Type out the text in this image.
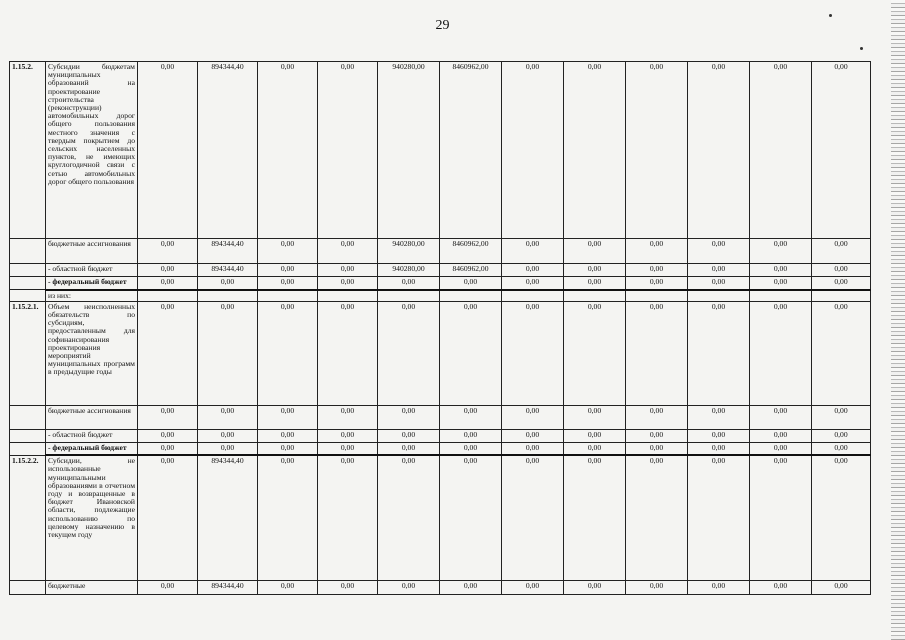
29
1.15.2.	Субсидии бюджетам муниципальных образований на проектирование строительства (реконструкции) автомобильных дорог общего пользования местного значения с твердым покрытием до сельских населенных пунктов, не имеющих круглогодичной связи с сетью автомобильных дорог общего пользования	0,00	894344,40	0,00	0,00	940280,00	8460962,00	0,00	0,00	0,00	0,00	0,00	0,00
	бюджетные ассигнования	0,00	894344,40	0,00	0,00	940280,00	8460962,00	0,00	0,00	0,00	0,00	0,00	0,00
	- областной бюджет	0,00	894344,40	0,00	0,00	940280,00	8460962,00	0,00	0,00	0,00	0,00	0,00	0,00
	- федеральный бюджет	0,00	0,00	0,00	0,00	0,00	0,00	0,00	0,00	0,00	0,00	0,00	0,00
	из них:												
1.15.2.1.	Объем неисполненных обязательств по субсидиям, предоставленным для софинансирования проектирования мероприятий муниципальных программ в предыдущие годы	0,00	0,00	0,00	0,00	0,00	0,00	0,00	0,00	0,00	0,00	0,00	0,00
	бюджетные ассигнования	0,00	0,00	0,00	0,00	0,00	0,00	0,00	0,00	0,00	0,00	0,00	0,00
	- областной бюджет	0,00	0,00	0,00	0,00	0,00	0,00	0,00	0,00	0,00	0,00	0,00	0,00
	- федеральный бюджет	0,00	0,00	0,00	0,00	0,00	0,00	0,00	0,00	0,00	0,00	0,00	0,00
1.15.2.2.	Субсидии, не использованные муниципальными образованиями в отчетном году и возвращенные в бюджет Ивановской области, подлежащие использованию по целевому назначению в текущем году	0,00	894344,40	0,00	0,00	0,00	0,00	0,00	0,00	0,00	0,00	0,00	0,00
	бюджетные	0,00	894344,40	0,00	0,00	0,00	0,00	0,00	0,00	0,00	0,00	0,00	0,00
